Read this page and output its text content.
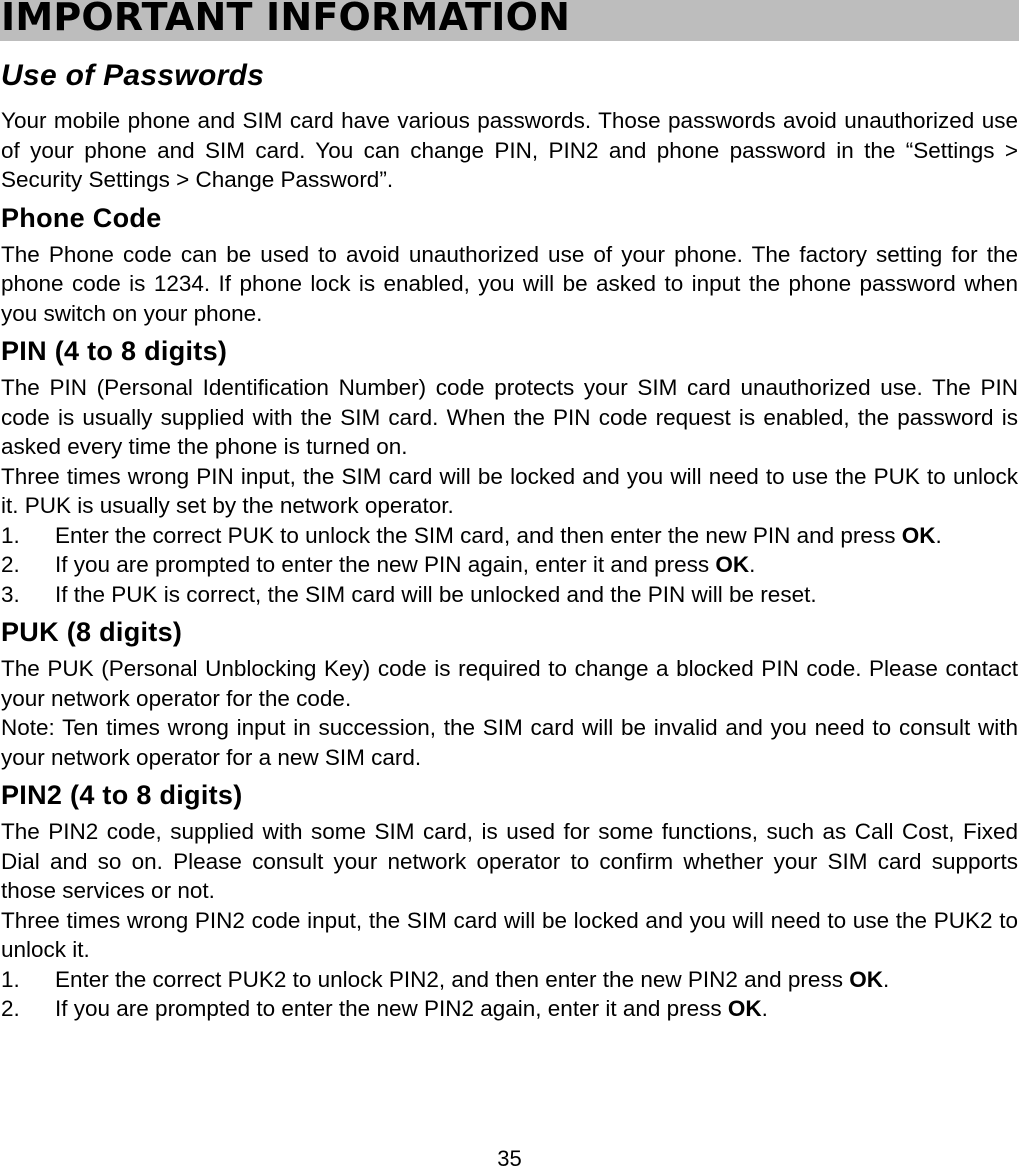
IMPORTANT INFORMATION
Use of Passwords

Your mobile phone and SIM card have various passwords. Those passwords avoid unauthorized use of your phone and SIM card. You can change PIN, PIN2 and phone password in the “Settings > Security Settings > Change Password”.

Phone Code

The Phone code can be used to avoid unauthorized use of your phone. The factory setting for the phone code is 1234. If phone lock is enabled, you will be asked to input the phone password when you switch on your phone.

PIN (4 to 8 digits)

The PIN (Personal Identification Number) code protects your SIM card unauthorized use. The PIN code is usually supplied with the SIM card. When the PIN code request is enabled, the password is asked every time the phone is turned on.

Three times wrong PIN input, the SIM card will be locked and you will need to use the PUK to unlock it. PUK is usually set by the network operator.

1. Enter the correct PUK to unlock the SIM card, and then enter the new PIN and press OK.
2. If you are prompted to enter the new PIN again, enter it and press OK.
3. If the PUK is correct, the SIM card will be unlocked and the PIN will be reset.
PUK (8 digits)

The PUK (Personal Unblocking Key) code is required to change a blocked PIN code. Please contact your network operator for the code.

Note: Ten times wrong input in succession, the SIM card will be invalid and you need to consult with your network operator for a new SIM card.

PIN2 (4 to 8 digits)

The PIN2 code, supplied with some SIM card, is used for some functions, such as Call Cost, Fixed Dial and so on. Please consult your network operator to confirm whether your SIM card supports those services or not.

Three times wrong PIN2 code input, the SIM card will be locked and you will need to use the PUK2 to unlock it.

1. Enter the correct PUK2 to unlock PIN2, and then enter the new PIN2 and press OK.
2. If you are prompted to enter the new PIN2 again, enter it and press OK.
35
